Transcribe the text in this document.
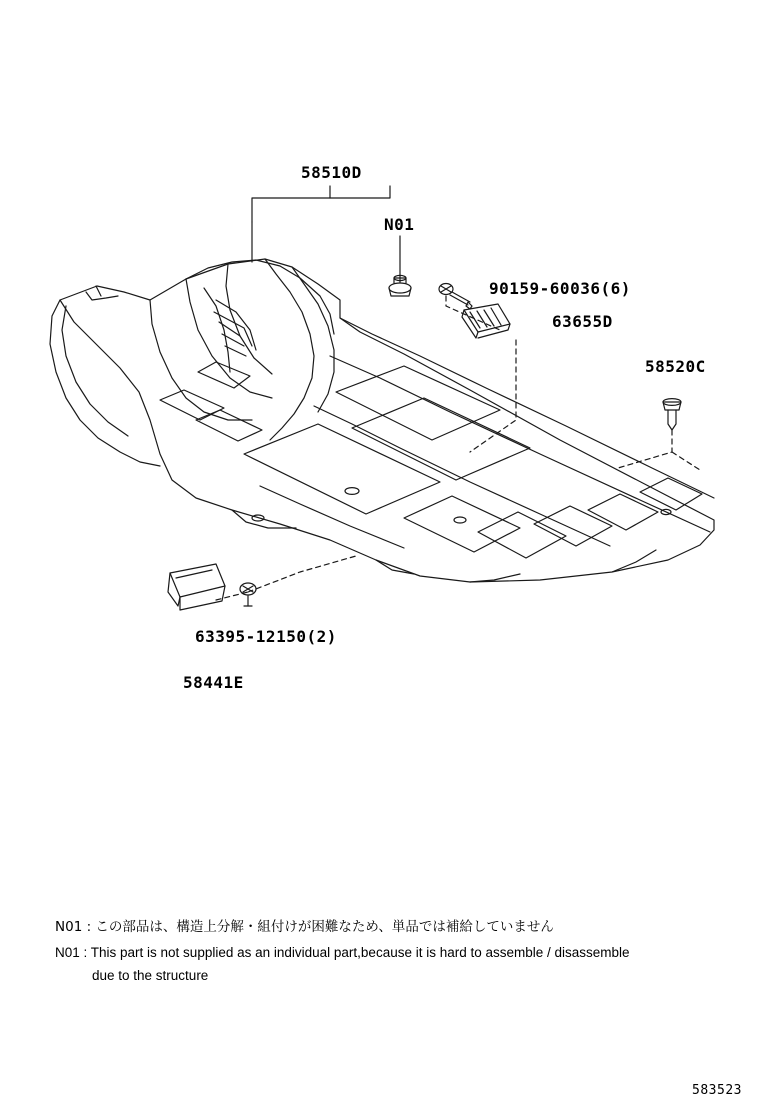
58510D
N01
90159-60036(6)
63655D
58520C
63395-12150(2)
58441E
N01 : この部品は、構造上分解・組付けが困難なため、単品では補給していません
N01 : This part is not supplied as an individual part,because it is hard to assemble / disassemble
due to the structure
583523
